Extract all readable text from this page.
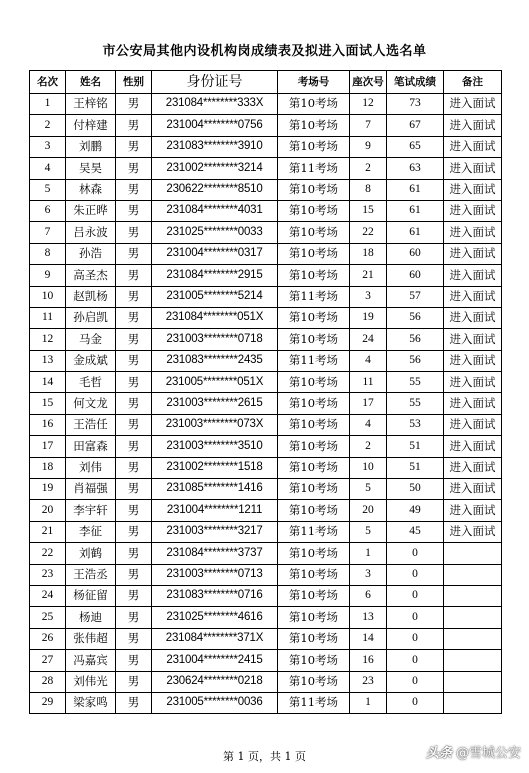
市公安局其他内设机构岗成绩表及拟进入面试人选名单
名次	姓名	性别	身份证号	考场号	座次号	笔试成绩	备注
1	王梓铭	男	231084********333X	第10考场	12	73	进入面试
2	付梓建	男	231004********0756	第10考场	7	67	进入面试
3	刘鹏	男	231083********3910	第10考场	9	65	进入面试
4	吴昊	男	231002********3214	第11考场	2	63	进入面试
5	林森	男	230622********8510	第10考场	8	61	进入面试
6	朱正晔	男	231084********4031	第10考场	15	61	进入面试
7	吕永波	男	231025********0033	第10考场	22	61	进入面试
8	孙浩	男	231004********0317	第10考场	18	60	进入面试
9	高圣杰	男	231084********2915	第10考场	21	60	进入面试
10	赵凯杨	男	231005********5214	第11考场	3	57	进入面试
11	孙启凯	男	231084********051X	第10考场	19	56	进入面试
12	马金	男	231003********0718	第10考场	24	56	进入面试
13	金成斌	男	231083********2435	第11考场	4	56	进入面试
14	毛哲	男	231005********051X	第10考场	11	55	进入面试
15	何文龙	男	231003********2615	第10考场	17	55	进入面试
16	王浩任	男	231003********073X	第10考场	4	53	进入面试
17	田富森	男	231003********3510	第10考场	2	51	进入面试
18	刘伟	男	231002********1518	第10考场	10	51	进入面试
19	肖福强	男	231085********1416	第10考场	5	50	进入面试
20	李宇轩	男	231004********1211	第10考场	20	49	进入面试
21	李征	男	231003********3217	第11考场	5	45	进入面试
22	刘鹤	男	231084********3737	第10考场	1	0	
23	王浩丞	男	231003********0713	第10考场	3	0	
24	杨征留	男	231083********0716	第10考场	6	0	
25	杨迪	男	231025********4616	第10考场	13	0	
26	张伟超	男	231084********371X	第10考场	14	0	
27	冯嘉宾	男	231004********2415	第10考场	16	0	
28	刘伟光	男	230624********0218	第10考场	23	0	
29	梁家鸣	男	231005********0036	第11考场	1	0	
第 1 页，共 1 页	头条 @雪城公安
